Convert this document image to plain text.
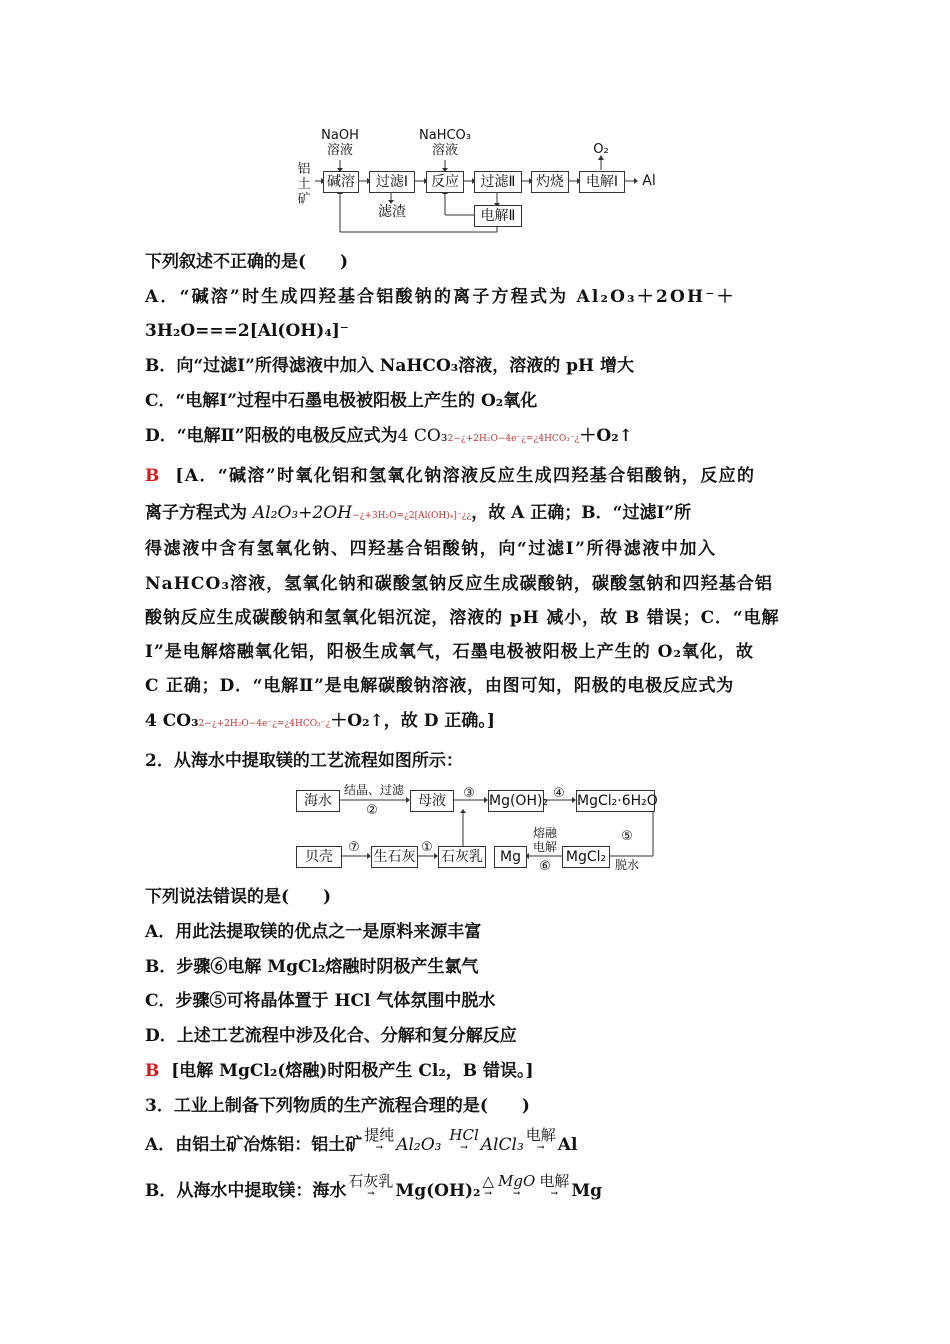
铝
土
矿
NaOH
溶液
NaHCO₃
溶液	O₂
碱溶	过滤Ⅰ	反应	过滤Ⅱ	灼烧	电解Ⅰ
电解Ⅱ
滤渣
Al
下列叙述不正确的是(　　)
A．“碱溶”时生成四羟基合铝酸钠的离子方程式为 Al₂O₃＋2OH⁻＋
3H₂O===2[Al(OH)₄]⁻
B．向“过滤Ⅰ”所得滤液中加入 NaHCO₃溶液，溶液的 pH 增大
C．“电解Ⅰ”过程中石墨电极被阳极上产生的 O₂氧化
D．“电解Ⅱ”阳极的电极反应式为4 CO₃2−¿+2H₂O−4e⁻¿=¿4HCO₃⁻¿＋O₂↑
B [A．“碱溶”时氧化铝和氢氧化钠溶液反应生成四羟基合铝酸钠，反应的
离子方程式为 Al₂O₃+2OH−¿+3H₂O=¿2[Al(OH)₄]⁻¿¿，故 A 正确；B．“过滤Ⅰ”所
得滤液中含有氢氧化钠、四羟基合铝酸钠，向“过滤Ⅰ”所得滤液中加入
NaHCO₃溶液，氢氧化钠和碳酸氢钠反应生成碳酸钠，碳酸氢钠和四羟基合铝
酸钠反应生成碳酸钠和氢氧化铝沉淀，溶液的 pH 减小，故 B 错误；C．“电解
Ⅰ”是电解熔融氧化铝，阳极生成氧气，石墨电极被阳极上产生的 O₂氧化，故
C 正确；D．“电解Ⅱ”是电解碳酸钠溶液，由图可知，阳极的电极反应式为
4 CO₃2−¿+2H₂O−4e⁻¿=¿4HCO₃⁻¿＋O₂↑，故 D 正确。]
2．从海水中提取镁的工艺流程如图所示：
海水	母液	Mg(OH)₂ MgCl₂·6H₂O
贝壳	生石灰 石灰乳	Mg	MgCl₂
结晶、过滤
②
③	④
⑦	①
熔融
电解
⑥
⑤
脱水
下列说法错误的是(　　)
A．用此法提取镁的优点之一是原料来源丰富
B．步骤⑥电解 MgCl₂熔融时阴极产生氯气
C．步骤⑤可将晶体置于 HCl 气体氛围中脱水
D．上述工艺流程中涉及化合、分解和复分解反应
B [电解 MgCl₂(熔融)时阳极产生 Cl₂，B 错误。]
3．工业上制备下列物质的生产流程合理的是(　　)
A．由铝土矿冶炼铝：铝土矿 提纯
→ Al₂O₃ HCl
→ AlCl₃ 电解
→ Al
B．从海水中提取镁：海水 石灰乳
→	Mg(OH)₂ △
→
MgO
→
电解
→ Mg
